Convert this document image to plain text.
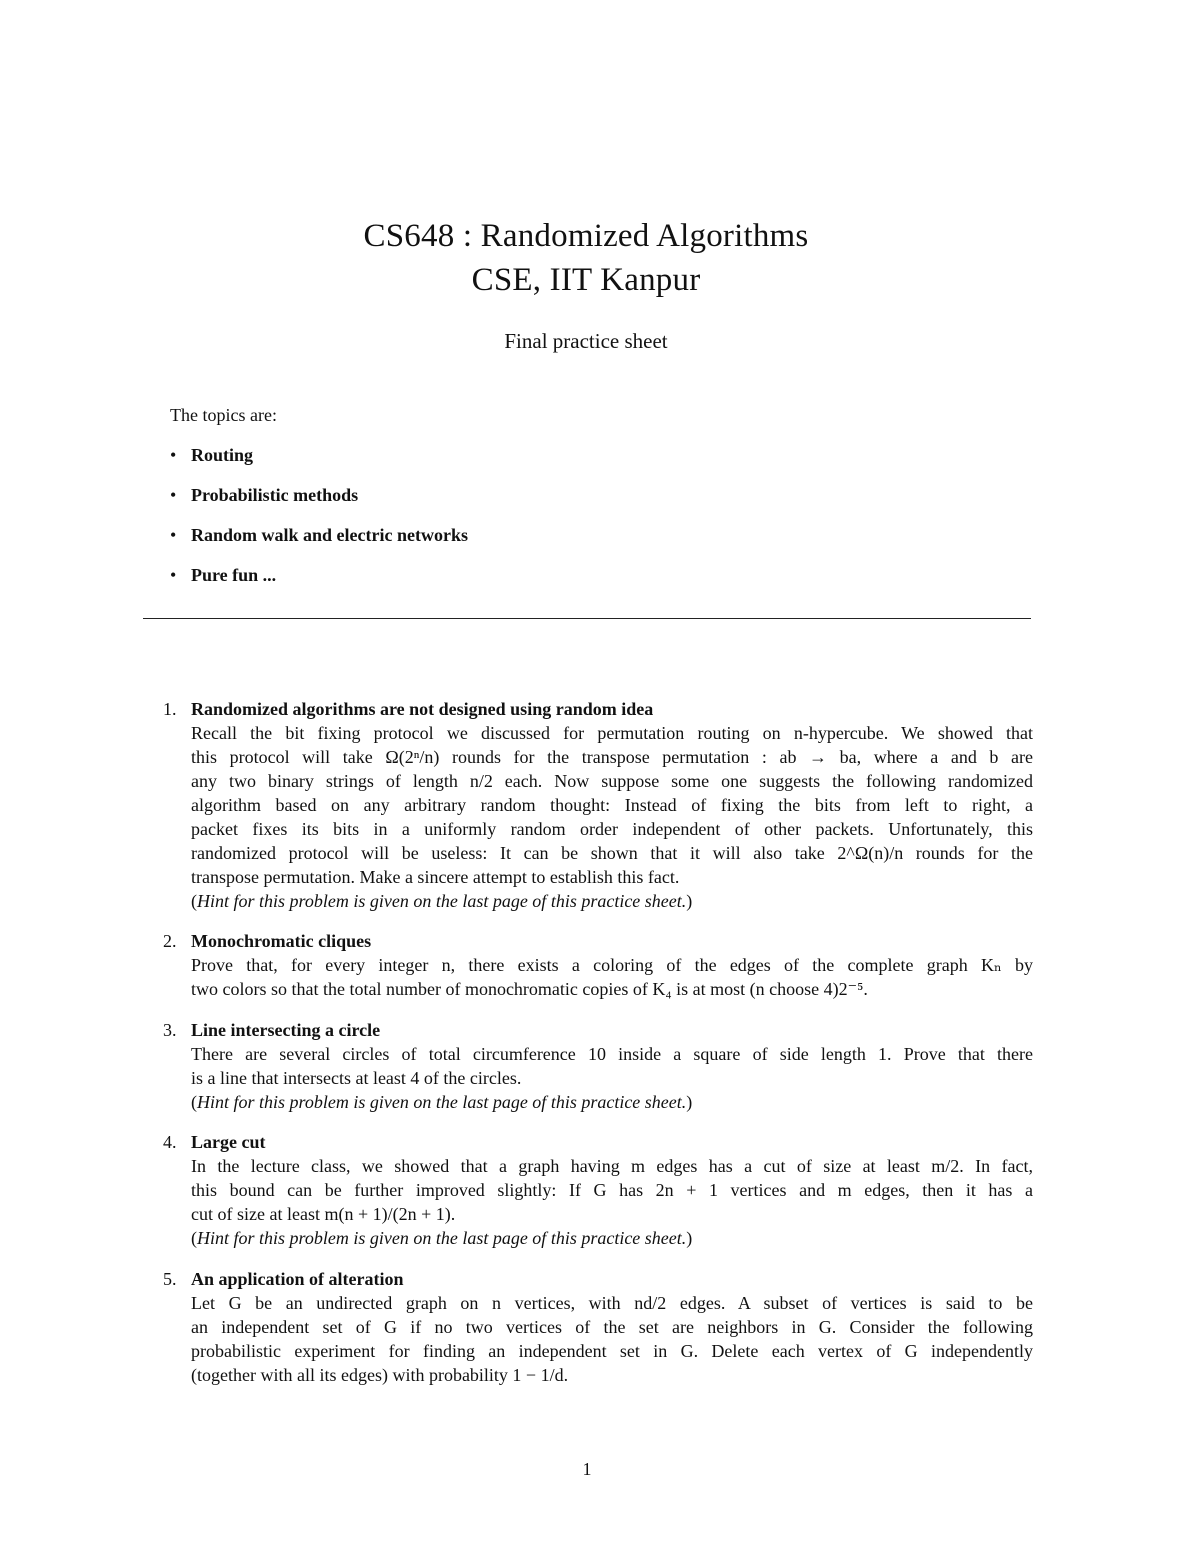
CS648 : Randomized Algorithms
CSE, IIT Kanpur
Final practice sheet
The topics are:
• Routing
• Probabilistic methods
• Random walk and electric networks
• Pure fun ...
1. Randomized algorithms are not designed using random idea
Recall the bit fixing protocol we discussed for permutation routing on n-hypercube. We showed that
this protocol will take Ω(2ⁿ/n) rounds for the transpose permutation : ab → ba, where a and b are
any two binary strings of length n/2 each. Now suppose some one suggests the following randomized
algorithm based on any arbitrary random thought: Instead of fixing the bits from left to right, a
packet fixes its bits in a uniformly random order independent of other packets. Unfortunately, this
randomized protocol will be useless: It can be shown that it will also take 2^Ω(n)/n rounds for the
transpose permutation. Make a sincere attempt to establish this fact.
(Hint for this problem is given on the last page of this practice sheet.)
2. Monochromatic cliques
Prove that, for every integer n, there exists a coloring of the edges of the complete graph Kₙ by
two colors so that the total number of monochromatic copies of K₄ is at most (n choose 4)2⁻⁵.
3. Line intersecting a circle
There are several circles of total circumference 10 inside a square of side length 1. Prove that there
is a line that intersects at least 4 of the circles.
(Hint for this problem is given on the last page of this practice sheet.)
4. Large cut
In the lecture class, we showed that a graph having m edges has a cut of size at least m/2. In fact,
this bound can be further improved slightly: If G has 2n + 1 vertices and m edges, then it has a
cut of size at least m(n + 1)/(2n + 1).
(Hint for this problem is given on the last page of this practice sheet.)
5. An application of alteration
Let G be an undirected graph on n vertices, with nd/2 edges. A subset of vertices is said to be
an independent set of G if no two vertices of the set are neighbors in G. Consider the following
probabilistic experiment for finding an independent set in G. Delete each vertex of G independently
(together with all its edges) with probability 1 − 1/d.
1
